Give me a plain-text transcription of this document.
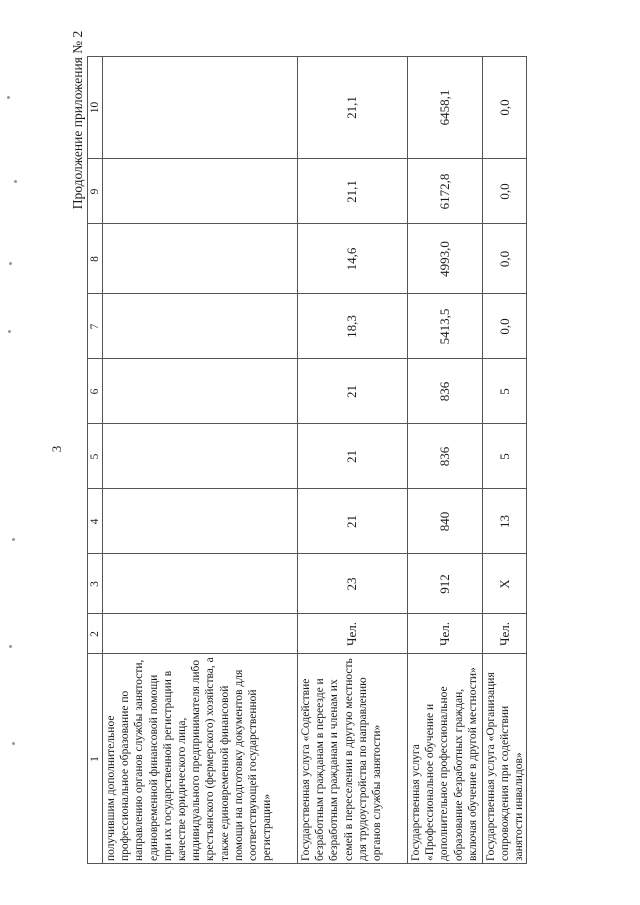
Продолжение приложения № 2
3
1
2
3
4
5
6
7
8
9
10
получившим дополнительное профессиональное образование по направлению органов службы занятости, единовременной финансовой помощи при их государственной регистрации в качестве юридического лица, индивидуального предпринимателя либо крестьянского (фермерского) хозяйства, а также единовременной финансовой помощи на подготовку документов для соответствующей государственной регистрации»	Государственная услуга «Содействие безработным гражданам в переезде и безработным гражданам и членам их семей в переселении в другую местность для трудоустройства по направлению органов службы занятости»
Чел.
23
21
21
21
18,3
14,6
21,1
21,1
Государственная услуга «Профессиональное обучение и дополнительное профессиональное образование безработных граждан, включая обучение в другой местности»
Чел.
912
840
836
836
5413,5
4993,0
6172,8
6458,1
Государственная услуга «Организация сопровождения при содействии занятости инвалидов»
Чел.
Х
13
5
5
0,0
0,0
0,0
0,0
